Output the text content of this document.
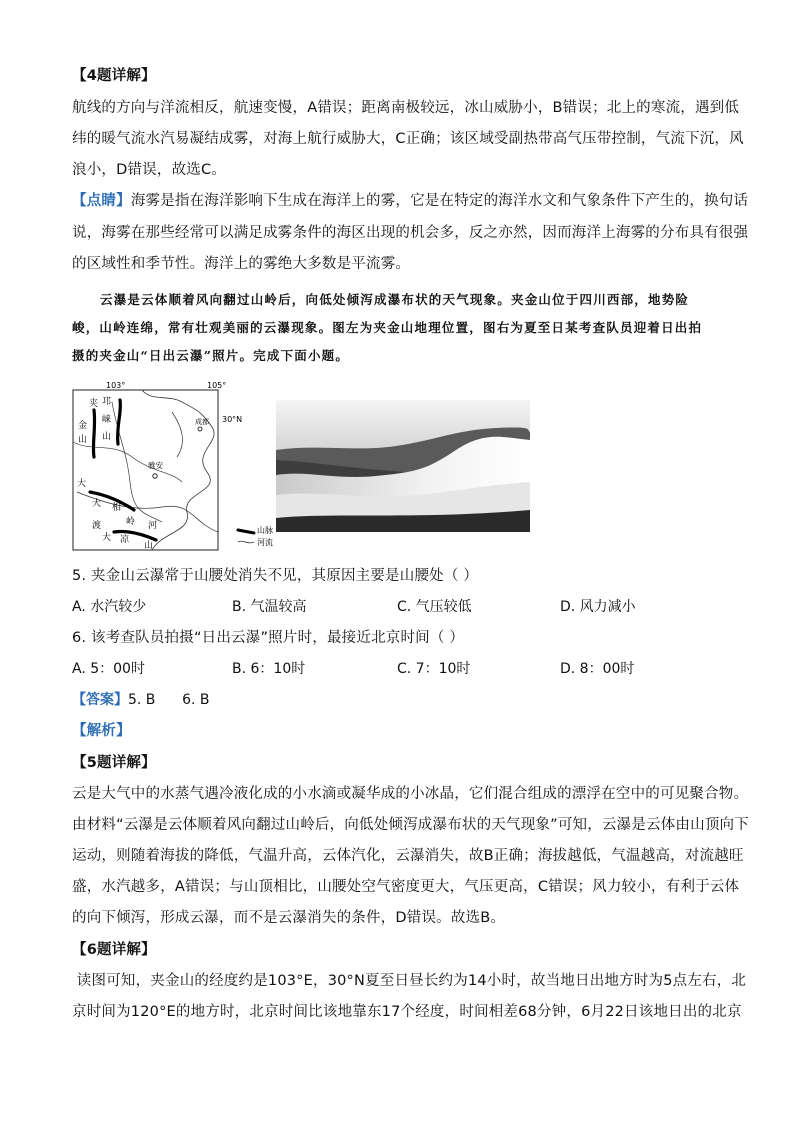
【4题详解】
航线的方向与洋流相反，航速变慢，A错误；距离南极较远，冰山威胁小，B错误；北上的寒流，遇到低
纬的暖气流水汽易凝结成雾，对海上航行威胁大，C正确；该区域受副热带高气压带控制，气流下沉，风
浪小，D错误，故选C。
【点睛】海雾是指在海洋影响下生成在海洋上的雾，它是在特定的海洋水文和气象条件下产生的，换句话
说，海雾在那些经常可以满足成雾条件的海区出现的机会多，反之亦然，因而海洋上海雾的分布具有很强
的区域性和季节性。海洋上的雾绝大多数是平流雾。
云瀑是云体顺着风向翻过山岭后，向低处倾泻成瀑布状的天气现象。夹金山位于四川西部，地势险
峻，山岭连绵，常有壮观美丽的云瀑现象。图左为夹金山地理位置，图右为夏至日某考查队员迎着日出拍
摄的夹金山“日出云瀑”照片。完成下面小题。
103°	105°
30°N
夹
金
山
邛
崃
山
成都
雅安
大
大 相
岭
渡	河
大 凉
山
山脉
河流
5. 夹金山云瀑常于山腰处消失不见，其原因主要是山腰处（ ）
A. 水汽较少	B. 气温较高	C. 气压较低	D. 风力减小
6. 该考查队员拍摄“日出云瀑”照片时，最接近北京时间（ ）
A. 5：00时	B. 6：10时	C. 7：10时	D. 8：00时
【答案】5. B      6. B
【解析】
【5题详解】
云是大气中的水蒸气遇冷液化成的小水滴或凝华成的小冰晶，它们混合组成的漂浮在空中的可见聚合物。
由材料“云瀑是云体顺着风向翻过山岭后，向低处倾泻成瀑布状的天气现象”可知，云瀑是云体由山顶向下
运动，则随着海拔的降低，气温升高，云体汽化，云瀑消失，故B正确；海拔越低，气温越高，对流越旺
盛，水汽越多，A错误；与山顶相比，山腰处空气密度更大，气压更高，C错误；风力较小，有利于云体
的向下倾泻，形成云瀑，而不是云瀑消失的条件，D错误。故选B。
【6题详解】
读图可知，夹金山的经度约是103°E，30°N夏至日昼长约为14小时，故当地日出地方时为5点左右，北
京时间为120°E的地方时，北京时间比该地靠东17个经度，时间相差68分钟，6月22日该地日出的北京
